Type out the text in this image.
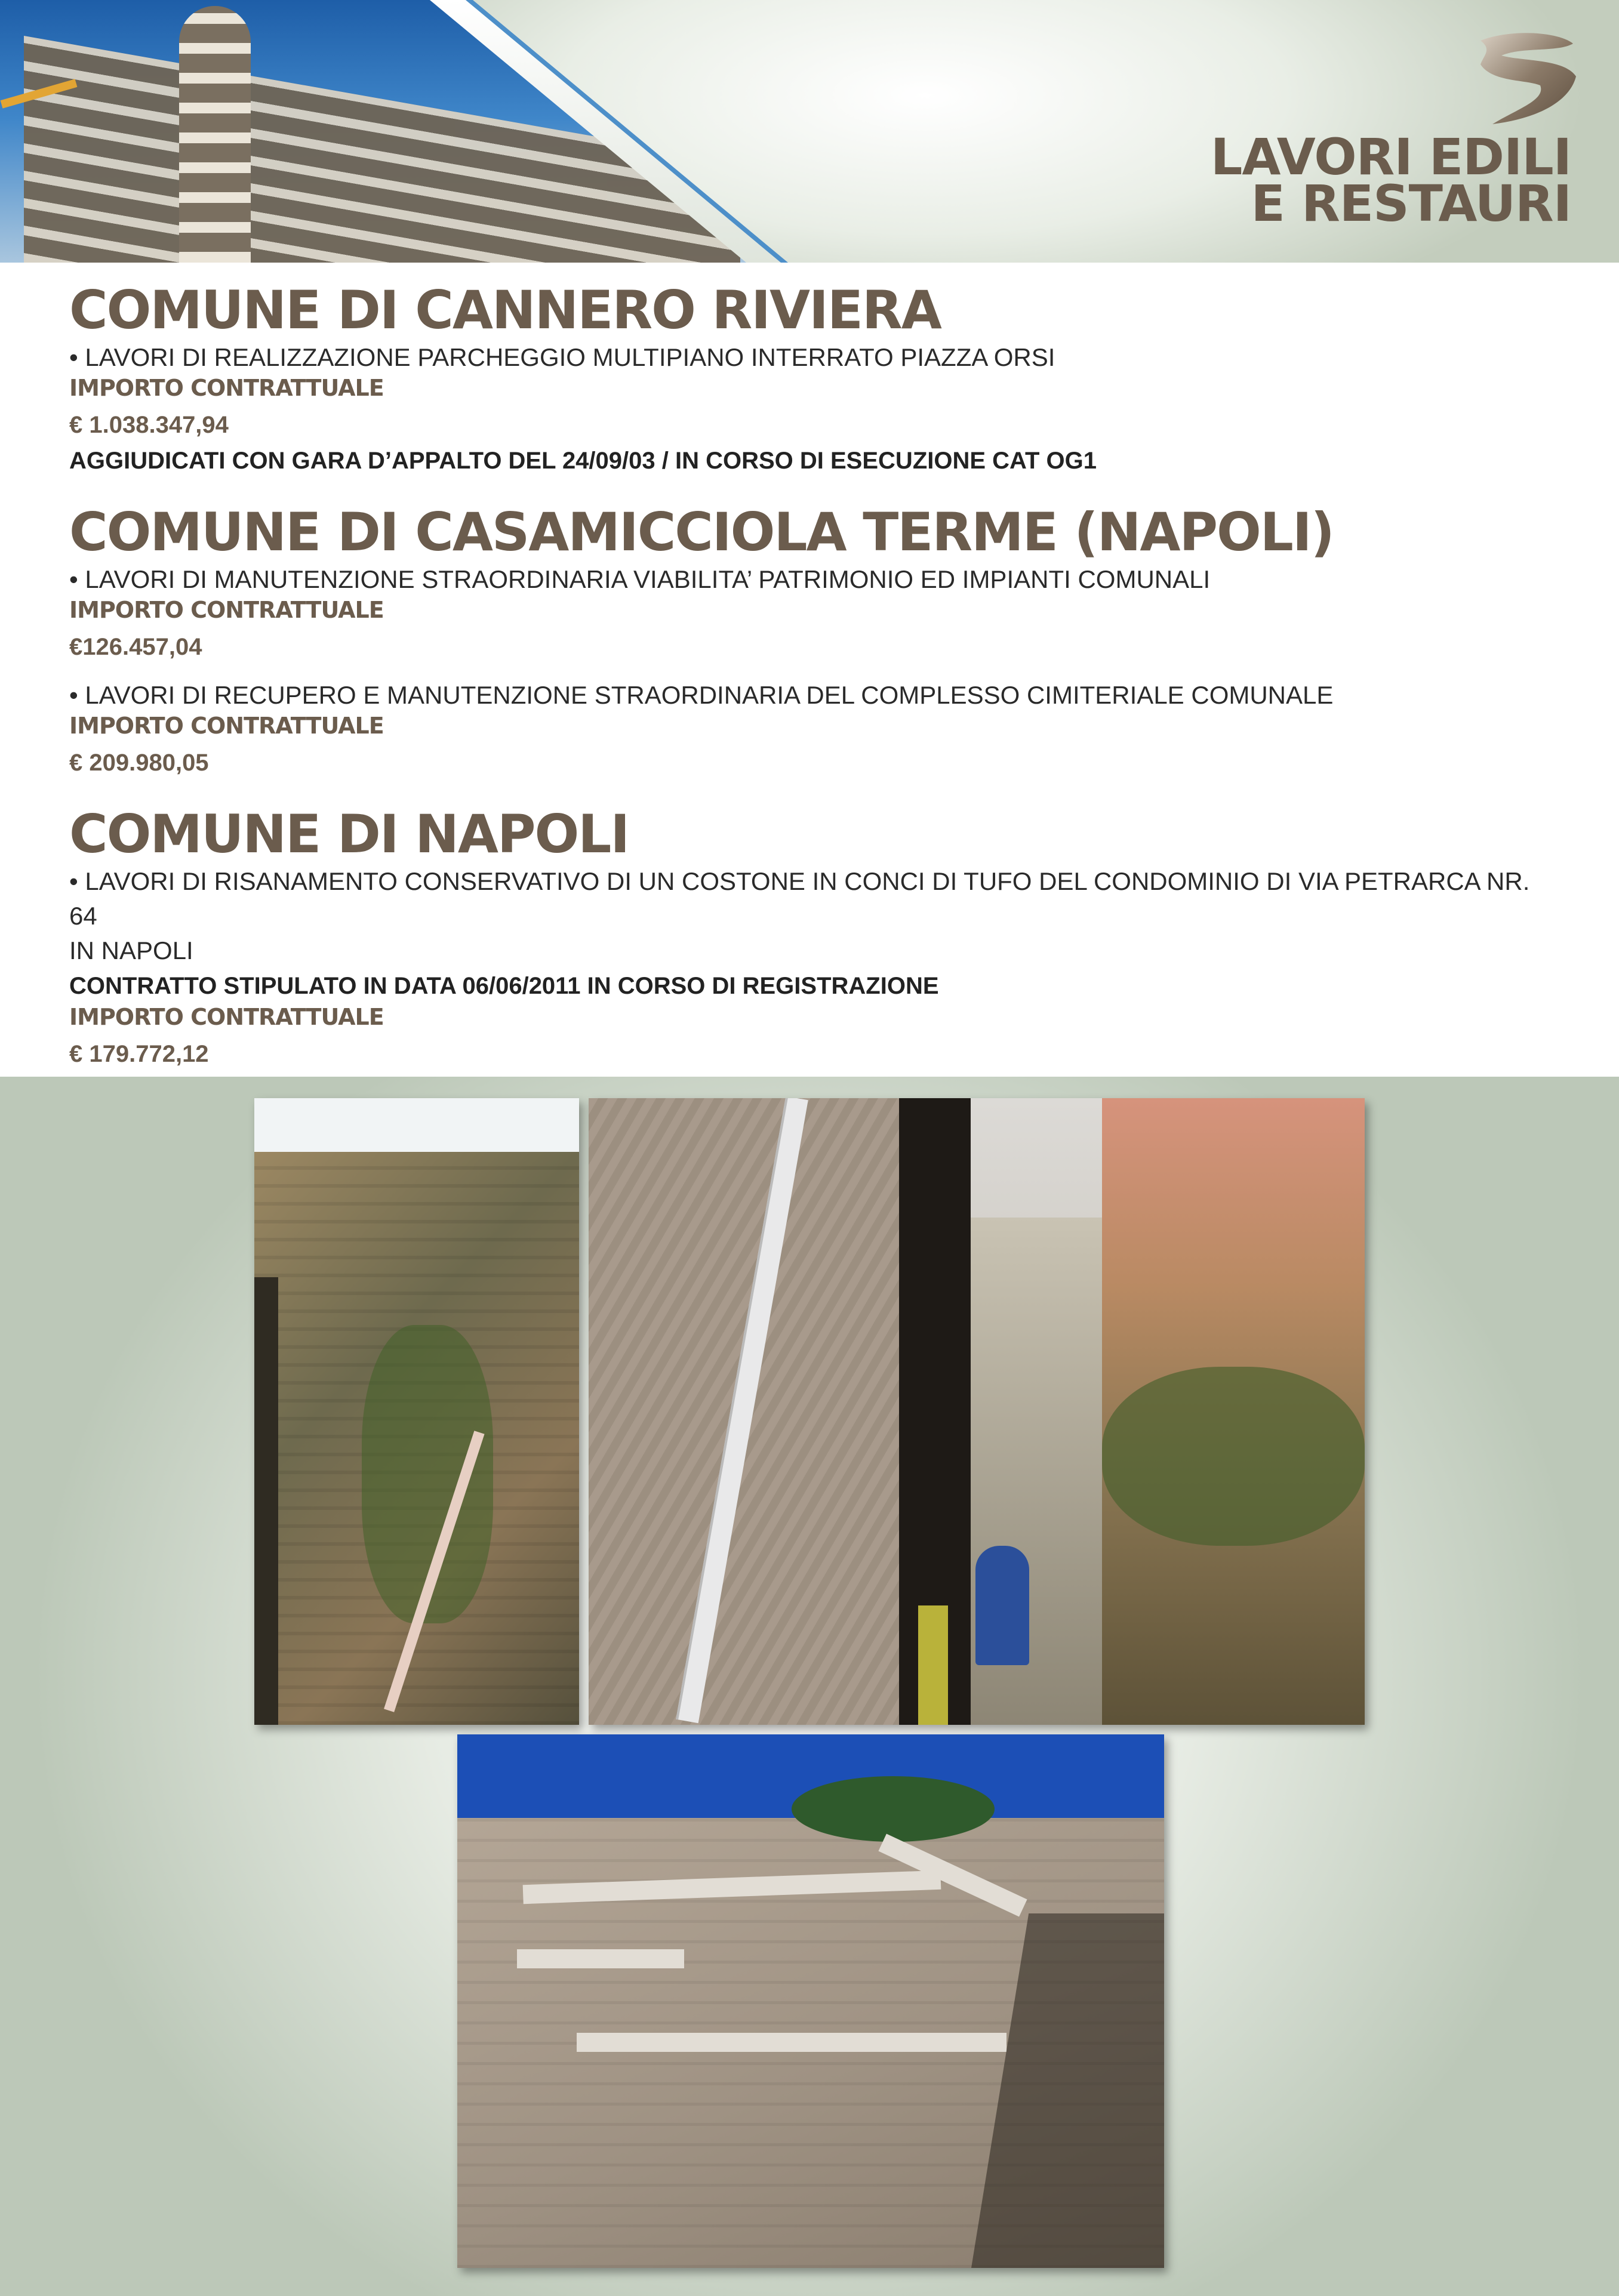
LAVORI EDILI
E RESTAURI
COMUNE DI CANNERO RIVIERA

• LAVORI DI REALIZZAZIONE PARCHEGGIO MULTIPIANO INTERRATO PIAZZA ORSI

IMPORTO CONTRATTUALE

€ 1.038.347,94

AGGIUDICATI CON GARA D’APPALTO DEL 24/09/03 / IN CORSO DI ESECUZIONE CAT OG1

COMUNE DI CASAMICCIOLA TERME (NAPOLI)

• LAVORI DI MANUTENZIONE STRAORDINARIA VIABILITA’ PATRIMONIO ED IMPIANTI COMUNALI

IMPORTO CONTRATTUALE

€126.457,04

• LAVORI DI RECUPERO E MANUTENZIONE STRAORDINARIA DEL COMPLESSO CIMITERIALE COMUNALE

IMPORTO CONTRATTUALE

€ 209.980,05

COMUNE DI NAPOLI

• LAVORI DI RISANAMENTO CONSERVATIVO DI UN COSTONE IN CONCI DI TUFO DEL CONDOMINIO DI VIA PETRARCA NR. 64

IN NAPOLI

CONTRATTO STIPULATO IN DATA 06/06/2011 IN CORSO DI REGISTRAZIONE

IMPORTO CONTRATTUALE

€ 179.772,12
